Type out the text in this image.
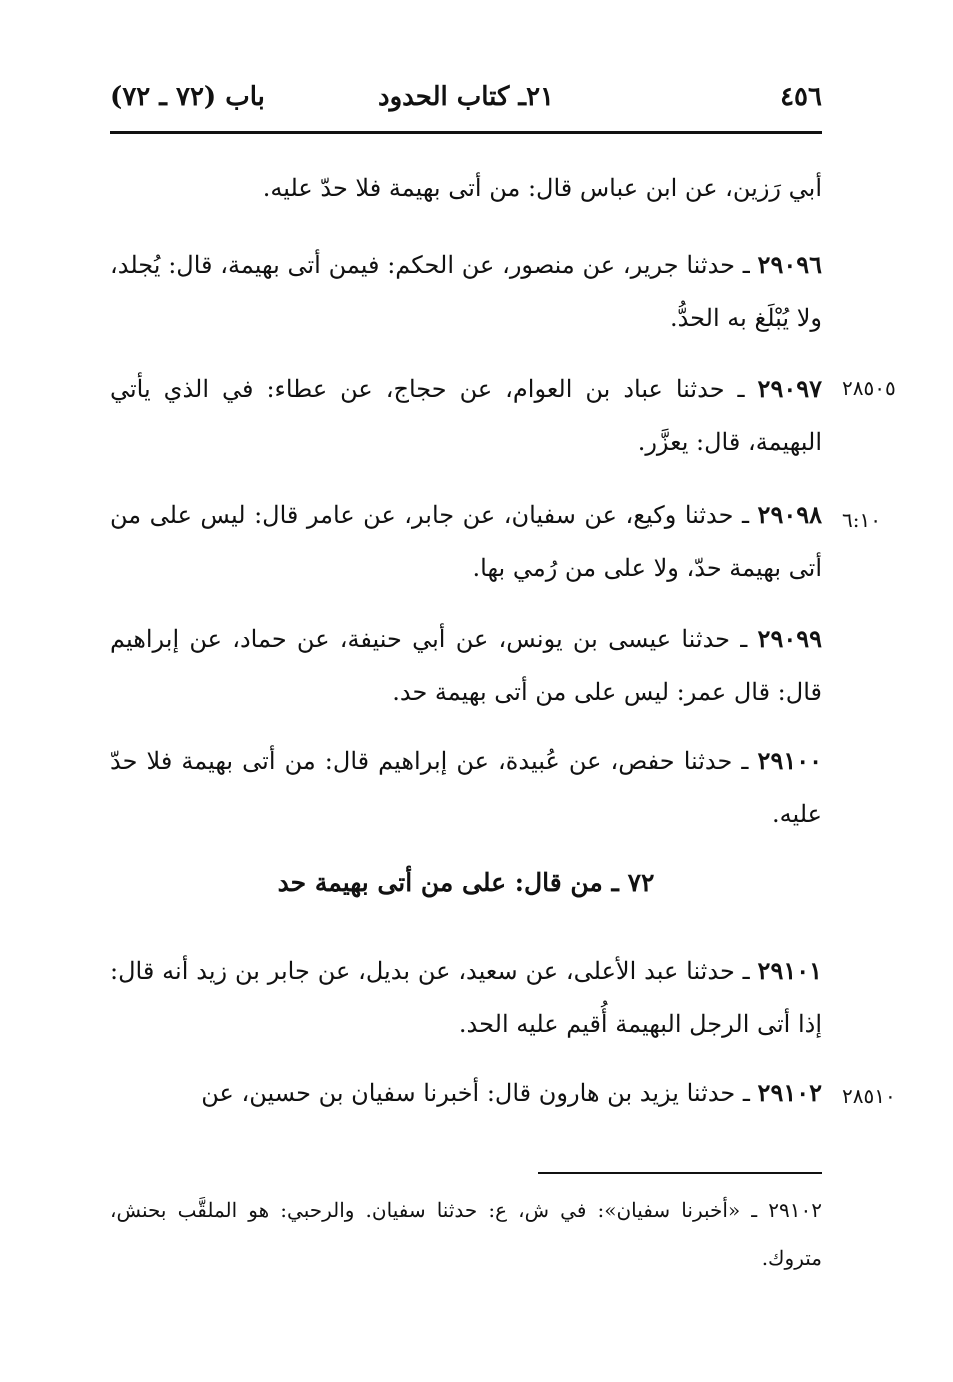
٤٥٦
٢١ـ كتاب الحدود
باب (٧٢ ـ ٧٢)
أبي رَزين، عن ابن عباس قال: من أتى بهيمة فلا حدّ عليه.
٢٩٠٩٦ ـ حدثنا جرير، عن منصور، عن الحكم: فيمن أتى بهيمة، قال: يُجلد، ولا يُبْلَغ به الحدُّ.
٢٩٠٩٧ ـ حدثنا عباد بن العوام، عن حجاج، عن عطاء: في الذي يأتي البهيمة، قال: يعزَّر.
٢٨٥٠٥
٢٩٠٩٨ ـ حدثنا وكيع، عن سفيان، عن جابر، عن عامر قال: ليس على من أتى بهيمة حدّ، ولا على من رُمي بها.
٦:١٠
٢٩٠٩٩ ـ حدثنا عيسى بن يونس، عن أبي حنيفة، عن حماد، عن إبراهيم قال: قال عمر: ليس على من أتى بهيمة حد.
٢٩١٠٠ ـ حدثنا حفص، عن عُبيدة، عن إبراهيم قال: من أتى بهيمة فلا حدّ عليه.
٧٢ ـ من قال: على من أتى بهيمة حد
٢٩١٠١ ـ حدثنا عبد الأعلى، عن سعيد، عن بديل، عن جابر بن زيد أنه قال: إذا أتى الرجل البهيمة أُقيم عليه الحد.
٢٩١٠٢ ـ حدثنا يزيد بن هارون قال: أخبرنا سفيان بن حسين، عن	٢٨٥١٠
٢٩١٠٢ ـ «أخبرنا سفيان»: في ش، ع: حدثنا سفيان. والرحبي: هو الملقَّب بحنش، متروك.
